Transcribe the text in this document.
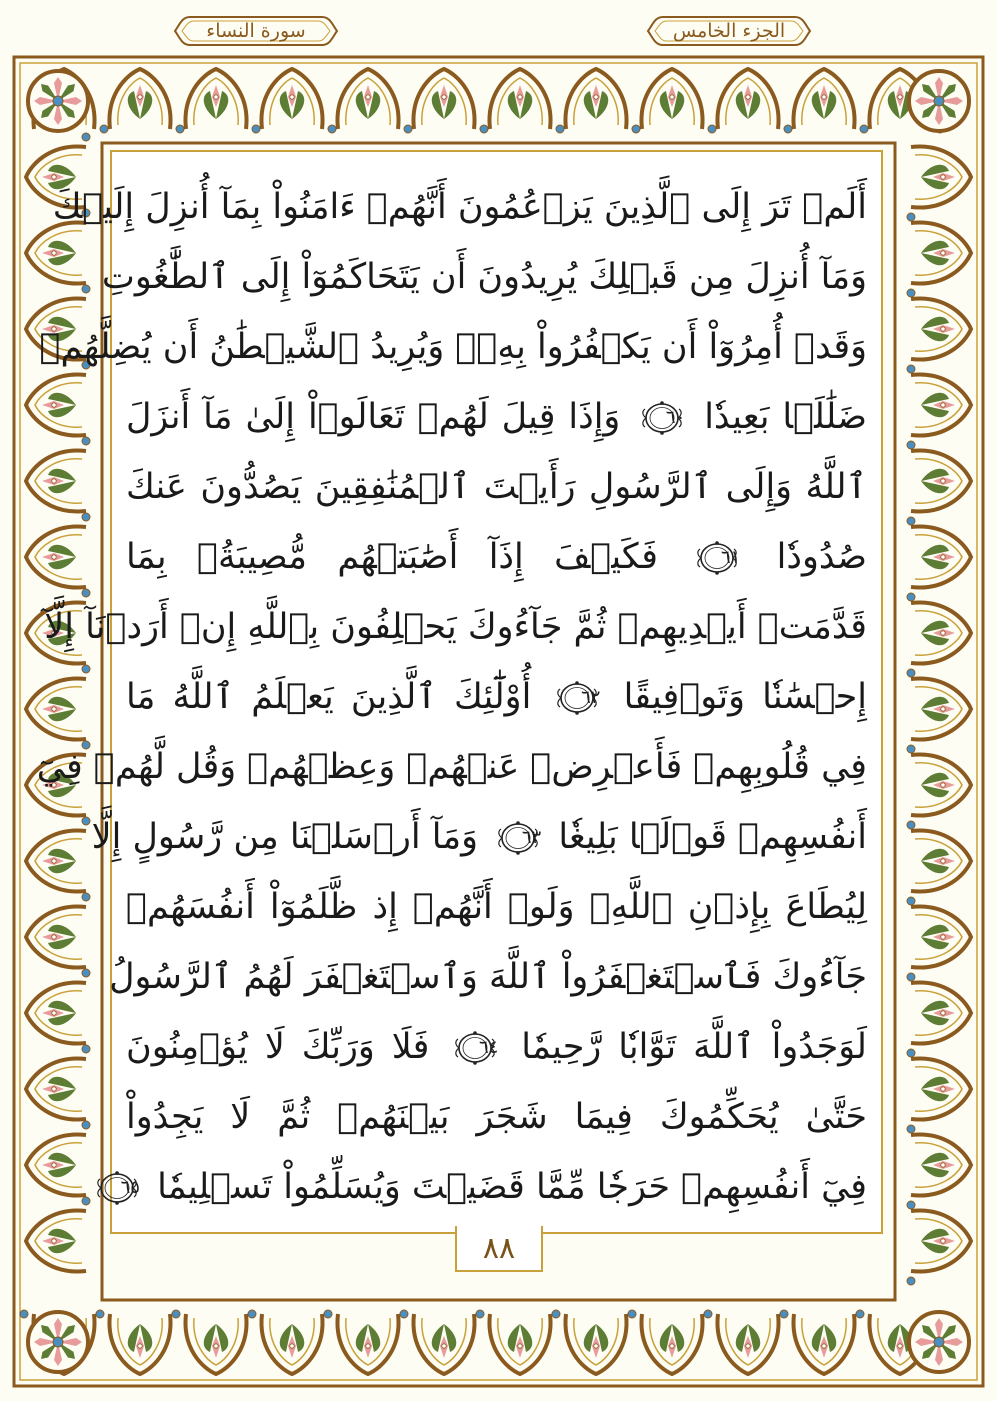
سورة النساء	الجزء الخامس
أَلَمۡ تَرَ إِلَى ٱلَّذِينَ يَزۡعُمُونَ أَنَّهُمۡ ءَامَنُواْ بِمَآ أُنزِلَ إِلَيۡكَ
وَمَآ أُنزِلَ مِن قَبۡلِكَ يُرِيدُونَ أَن يَتَحَاكَمُوٓاْ إِلَى ٱلطَّٰغُوتِ
وَقَدۡ أُمِرُوٓاْ أَن يَكۡفُرُواْ بِهِۦۖ وَيُرِيدُ ٱلشَّيۡطَٰنُ أَن يُضِلَّهُمۡ
ضَلَٰلَۢا بَعِيدٗا
٦٠
وَإِذَا قِيلَ لَهُمۡ تَعَالَوۡاْ إِلَىٰ مَآ أَنزَلَ
ٱللَّهُ وَإِلَى ٱلرَّسُولِ رَأَيۡتَ ٱلۡمُنَٰفِقِينَ يَصُدُّونَ عَنكَ
صُدُودٗا
٦١
فَكَيۡفَ إِذَآ أَصَٰبَتۡهُم مُّصِيبَةُۢ بِمَا
قَدَّمَتۡ أَيۡدِيهِمۡ ثُمَّ جَآءُوكَ يَحۡلِفُونَ بِٱللَّهِ إِنۡ أَرَدۡنَآ إِلَّآ
إِحۡسَٰنٗا وَتَوۡفِيقًا
٦٢
أُوْلَٰٓئِكَ ٱلَّذِينَ يَعۡلَمُ ٱللَّهُ مَا
فِي قُلُوبِهِمۡ فَأَعۡرِضۡ عَنۡهُمۡ وَعِظۡهُمۡ وَقُل لَّهُمۡ فِيٓ
أَنفُسِهِمۡ قَوۡلَۢا بَلِيغٗا
٦٣
وَمَآ أَرۡسَلۡنَا مِن رَّسُولٍ إِلَّا
لِيُطَاعَ بِإِذۡنِ ٱللَّهِۚ وَلَوۡ أَنَّهُمۡ إِذ ظَّلَمُوٓاْ أَنفُسَهُمۡ
جَآءُوكَ فَٱسۡتَغۡفَرُواْ ٱللَّهَ وَٱسۡتَغۡفَرَ لَهُمُ ٱلرَّسُولُ
لَوَجَدُواْ ٱللَّهَ تَوَّابٗا رَّحِيمٗا
٦٤
فَلَا وَرَبِّكَ لَا يُؤۡمِنُونَ
حَتَّىٰ يُحَكِّمُوكَ فِيمَا شَجَرَ بَيۡنَهُمۡ ثُمَّ لَا يَجِدُواْ
فِيٓ أَنفُسِهِمۡ حَرَجٗا مِّمَّا قَضَيۡتَ وَيُسَلِّمُواْ تَسۡلِيمٗا
٦٥
٨٨
